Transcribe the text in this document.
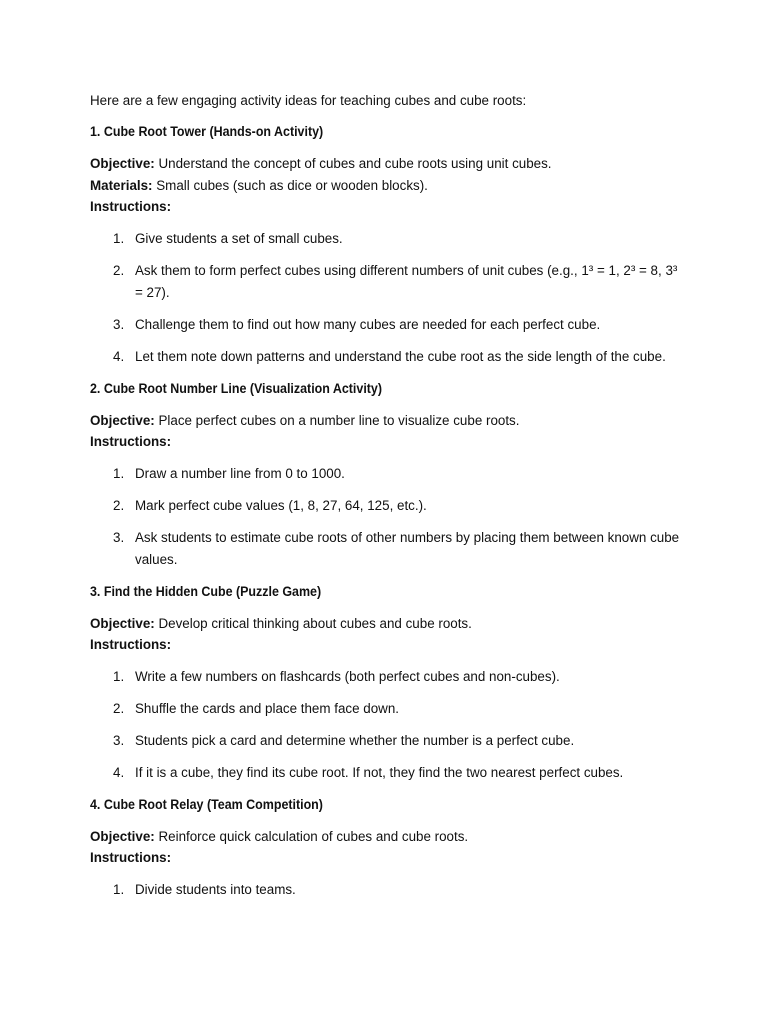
Here are a few engaging activity ideas for teaching cubes and cube roots:
1. Cube Root Tower (Hands-on Activity)
Objective: Understand the concept of cubes and cube roots using unit cubes.
Materials: Small cubes (such as dice or wooden blocks).
Instructions:
1. Give students a set of small cubes.
2. Ask them to form perfect cubes using different numbers of unit cubes (e.g., 1³ = 1, 2³ = 8, 3³ = 27).
3. Challenge them to find out how many cubes are needed for each perfect cube.
4. Let them note down patterns and understand the cube root as the side length of the cube.
2. Cube Root Number Line (Visualization Activity)
Objective: Place perfect cubes on a number line to visualize cube roots.
Instructions:
1. Draw a number line from 0 to 1000.
2. Mark perfect cube values (1, 8, 27, 64, 125, etc.).
3. Ask students to estimate cube roots of other numbers by placing them between known cube values.
3. Find the Hidden Cube (Puzzle Game)
Objective: Develop critical thinking about cubes and cube roots.
Instructions:
1. Write a few numbers on flashcards (both perfect cubes and non-cubes).
2. Shuffle the cards and place them face down.
3. Students pick a card and determine whether the number is a perfect cube.
4. If it is a cube, they find its cube root. If not, they find the two nearest perfect cubes.
4. Cube Root Relay (Team Competition)
Objective: Reinforce quick calculation of cubes and cube roots.
Instructions:
1. Divide students into teams.
